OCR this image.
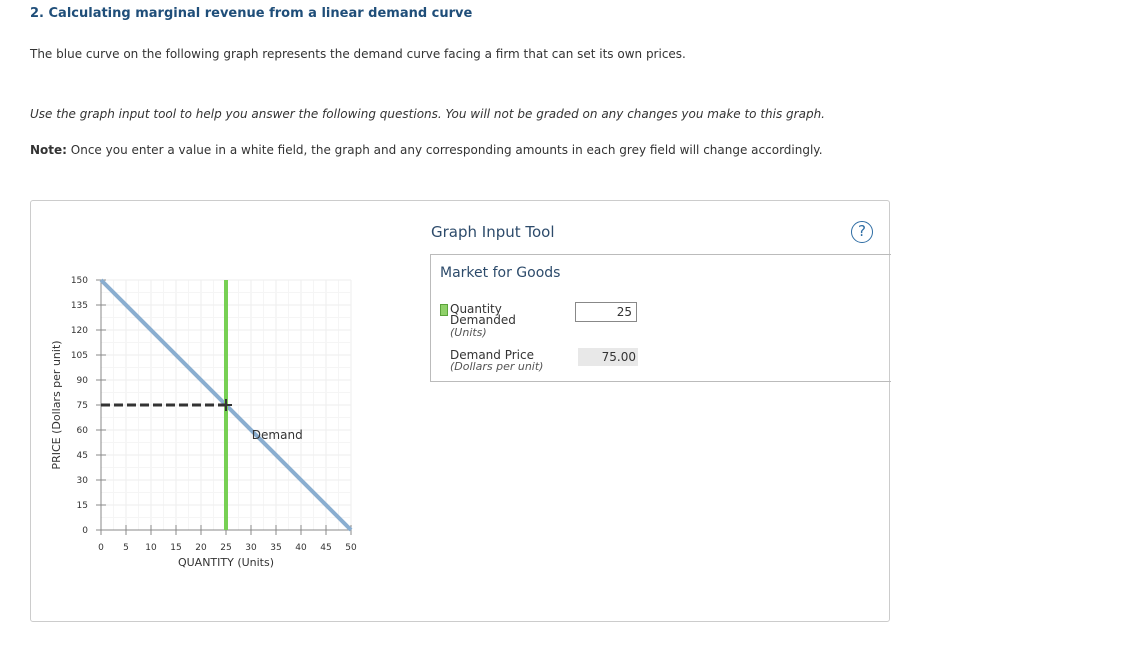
2. Calculating marginal revenue from a linear demand curve
The blue curve on the following graph represents the demand curve facing a firm that can set its own prices.
Use the graph input tool to help you answer the following questions. You will not be graded on any changes you make to this graph.
Note: Once you enter a value in a white field, the graph and any corresponding amounts in each grey field will change accordingly.
0 5 10 15 20 25 30 35 40 45 50
0
15
30
45
60
75
90
105
120
135
150
QUANTITY (Units)
PRICE (Dollars per unit)	Demand
Graph Input Tool	?
Market for Goods
Quantity
Demanded
(Units)
25
Demand Price
(Dollars per unit)
75.00
